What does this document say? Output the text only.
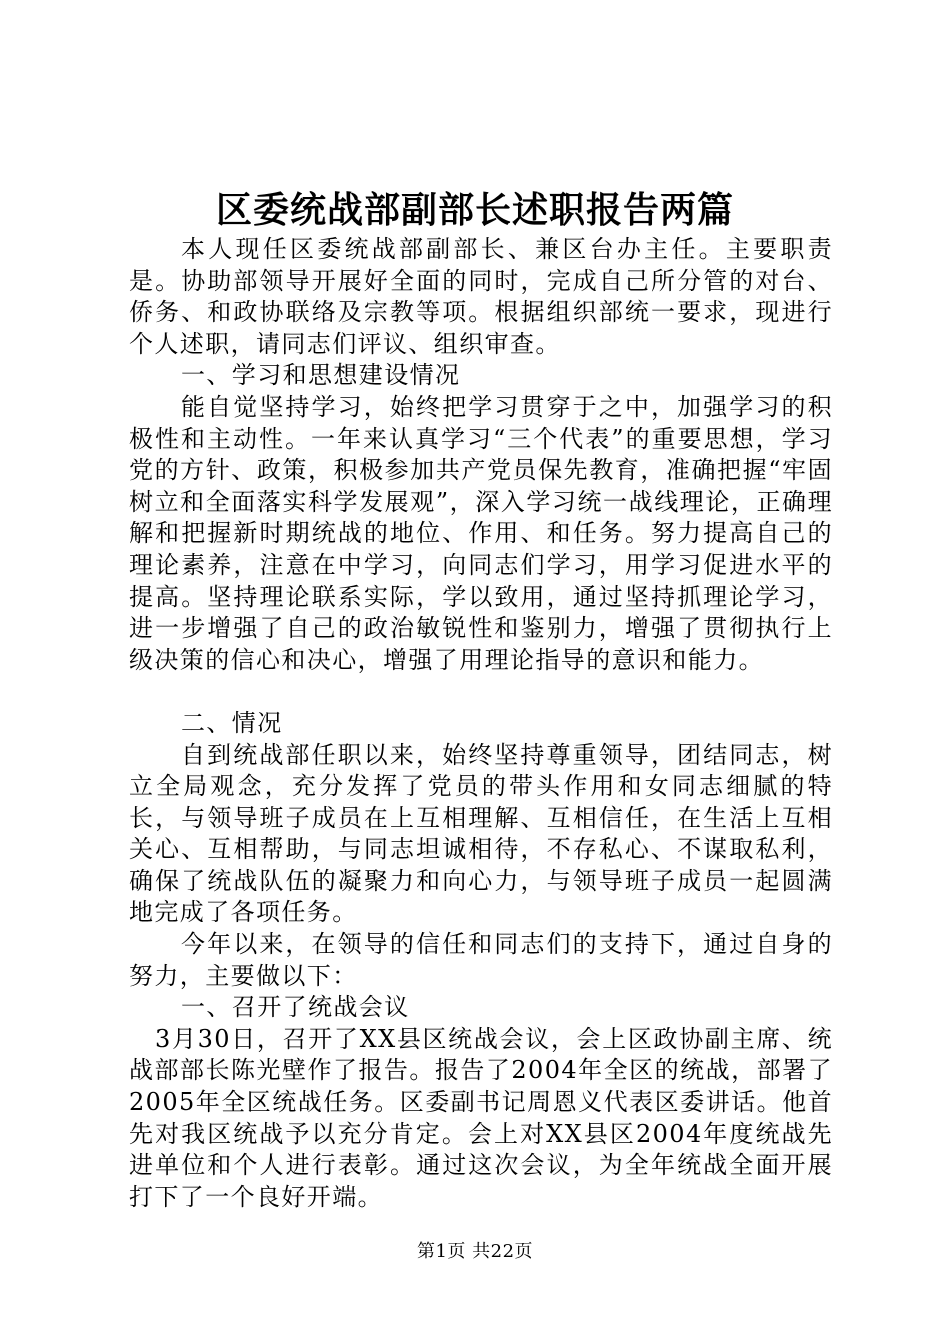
区委统战部副部长述职报告两篇

本人现任区委统战部副部长、兼区台办主任。主要职责是。协助部领导开展好全面的同时，完成自己所分管的对台、侨务、和政协联络及宗教等项。根据组织部统一要求，现进行个人述职，请同志们评议、组织审查。

一、学习和思想建设情况

能自觉坚持学习，始终把学习贯穿于之中，加强学习的积极性和主动性。一年来认真学习“三个代表”的重要思想，学习党的方针、政策，积极参加共产党员保先教育，准确把握“牢固树立和全面落实科学发展观”，深入学习统一战线理论，正确理解和把握新时期统战的地位、作用、和任务。努力提高自己的理论素养，注意在中学习，向同志们学习，用学习促进水平的提高。坚持理论联系实际，学以致用，通过坚持抓理论学习，进一步增强了自己的政治敏锐性和鉴别力，增强了贯彻执行上级决策的信心和决心，增强了用理论指导的意识和能力。

二、情况

自到统战部任职以来，始终坚持尊重领导，团结同志，树立全局观念，充分发挥了党员的带头作用和女同志细腻的特长，与领导班子成员在上互相理解、互相信任，在生活上互相关心、互相帮助，与同志坦诚相待，不存私心、不谋取私利，确保了统战队伍的凝聚力和向心力，与领导班子成员一起圆满地完成了各项任务。

今年以来，在领导的信任和同志们的支持下，通过自身的努力，主要做以下：

一、召开了统战会议

3月30日，召开了XX县区统战会议，会上区政协副主席、统战部部长陈光壁作了报告。报告了2004年全区的统战，部署了2005年全区统战任务。区委副书记周恩义代表区委讲话。他首先对我区统战予以充分肯定。会上对XX县区2004年度统战先进单位和个人进行表彰。通过这次会议，为全年统战全面开展打下了一个良好开端。

第1页 共22页
